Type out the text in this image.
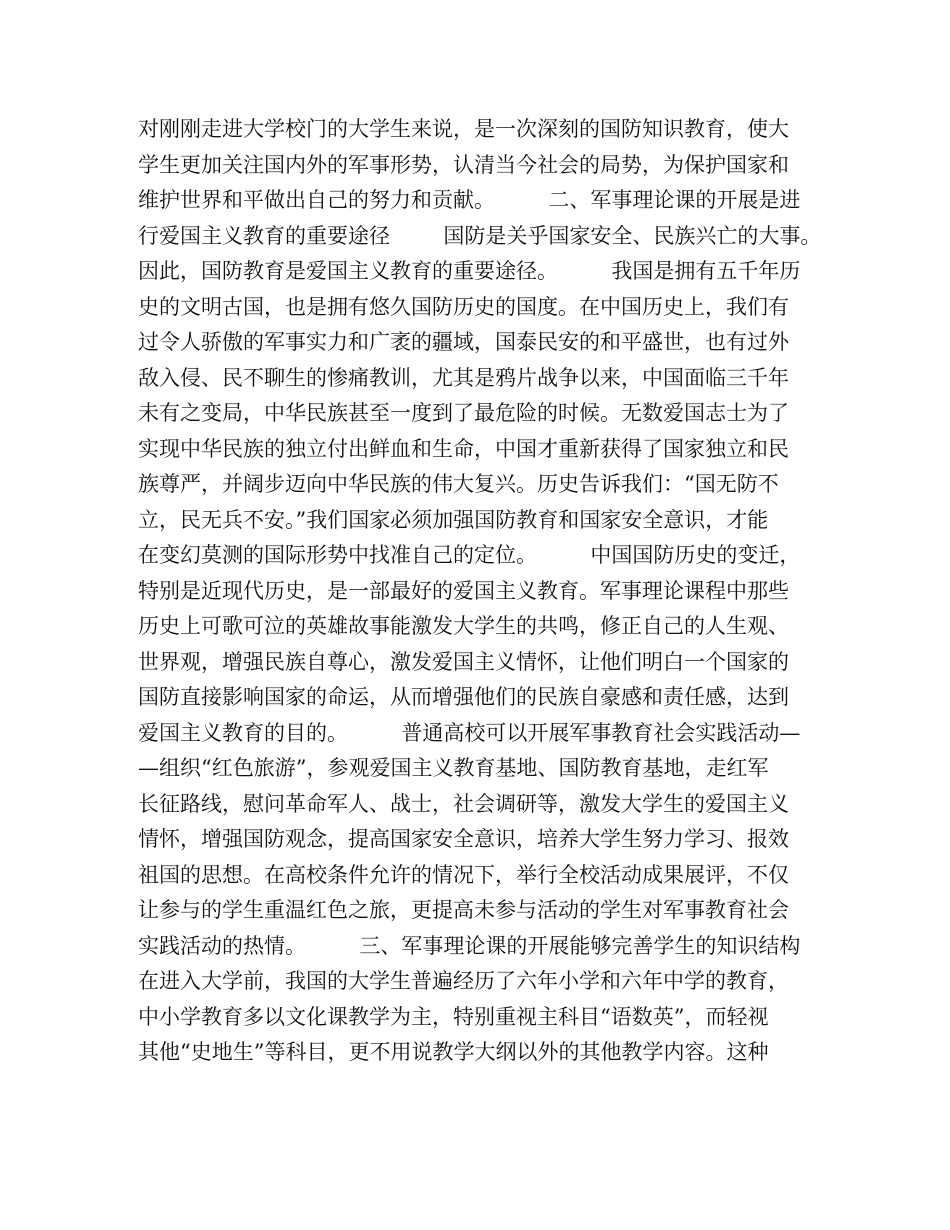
对刚刚走进大学校门的大学生来说，是一次深刻的国防知识教育，使大
学生更加关注国内外的军事形势，认清当今社会的局势，为保护国家和
维护世界和平做出自己的努力和贡献。        二、军事理论课的开展是进
行爱国主义教育的重要途径        国防是关乎国家安全、民族兴亡的大事。
因此，国防教育是爱国主义教育的重要途径。        我国是拥有五千年历
史的文明古国，也是拥有悠久国防历史的国度。在中国历史上，我们有
过令人骄傲的军事实力和广袤的疆域，国泰民安的和平盛世，也有过外
敌入侵、民不聊生的惨痛教训，尤其是鸦片战争以来，中国面临三千年
未有之变局，中华民族甚至一度到了最危险的时候。无数爱国志士为了
实现中华民族的独立付出鲜血和生命，中国才重新获得了国家独立和民
族尊严，并阔步迈向中华民族的伟大复兴。历史告诉我们：“国无防不
立，民无兵不安。”我们国家必须加强国防教育和国家安全意识，才能
在变幻莫测的国际形势中找准自己的定位。        中国国防历史的变迁，
特别是近现代历史，是一部最好的爱国主义教育。军事理论课程中那些
历史上可歌可泣的英雄故事能激发大学生的共鸣，修正自己的人生观、
世界观，增强民族自尊心，激发爱国主义情怀，让他们明白一个国家的
国防直接影响国家的命运，从而增强他们的民族自豪感和责任感，达到
爱国主义教育的目的。        普通高校可以开展军事教育社会实践活动—
—组织“红色旅游”，参观爱国主义教育基地、国防教育基地，走红军
长征路线，慰问革命军人、战士，社会调研等，激发大学生的爱国主义
情怀，增强国防观念，提高国家安全意识，培养大学生努力学习、报效
祖国的思想。在高校条件允许的情况下，举行全校活动成果展评，不仅
让参与的学生重温红色之旅，更提高未参与活动的学生对军事教育社会
实践活动的热情。        三、军事理论课的开展能够完善学生的知识结构
在进入大学前，我国的大学生普遍经历了六年小学和六年中学的教育，
中小学教育多以文化课教学为主，特别重视主科目“语数英”，而轻视
其他“史地生”等科目，更不用说教学大纲以外的其他教学内容。这种
